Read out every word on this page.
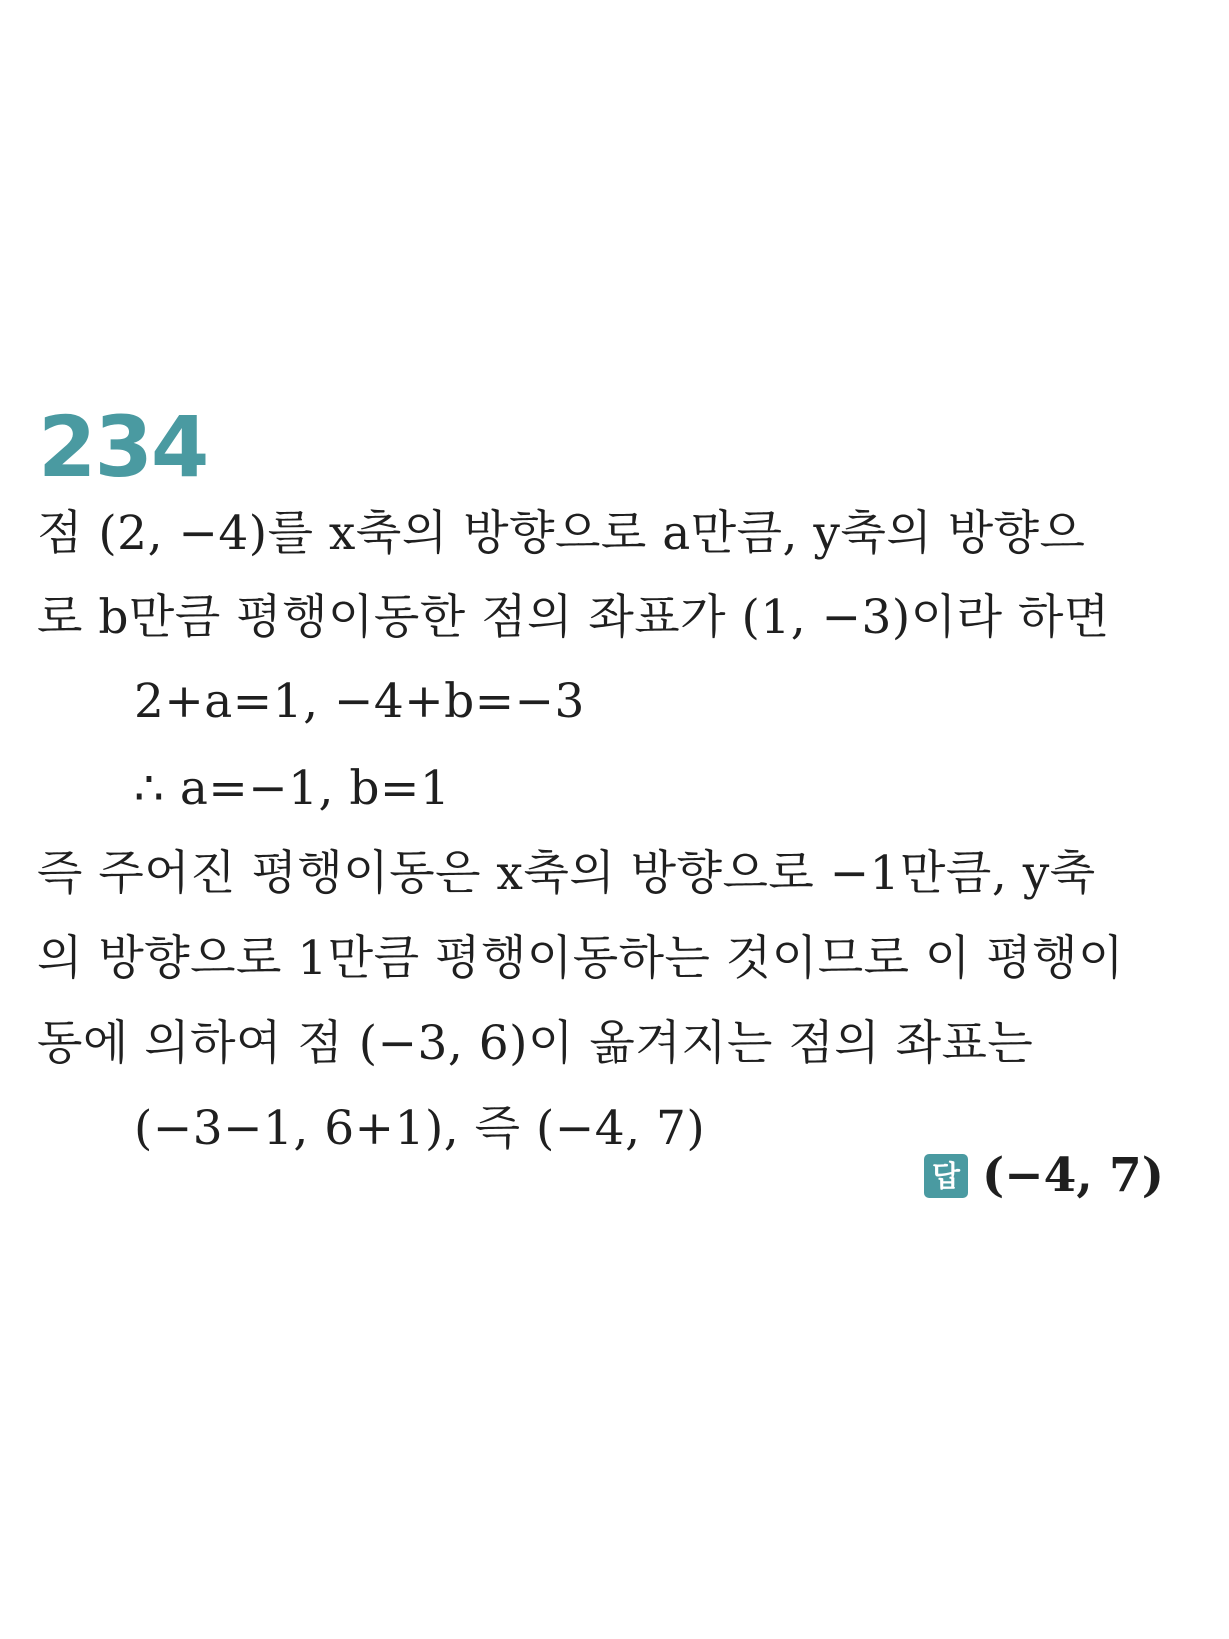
234
점 (2, −4)를 x축의 방향으로 a만큼, y축의 방향으
로 b만큼 평행이동한 점의 좌표가 (1, −3)이라 하면
2+a=1, −4+b=−3
∴ a=−1, b=1
즉 주어진 평행이동은 x축의 방향으로 −1만큼, y축
의 방향으로 1만큼 평행이동하는 것이므로 이 평행이
동에 의하여 점 (−3, 6)이 옮겨지는 점의 좌표는
(−3−1, 6+1), 즉 (−4, 7)
답 (−4, 7)
